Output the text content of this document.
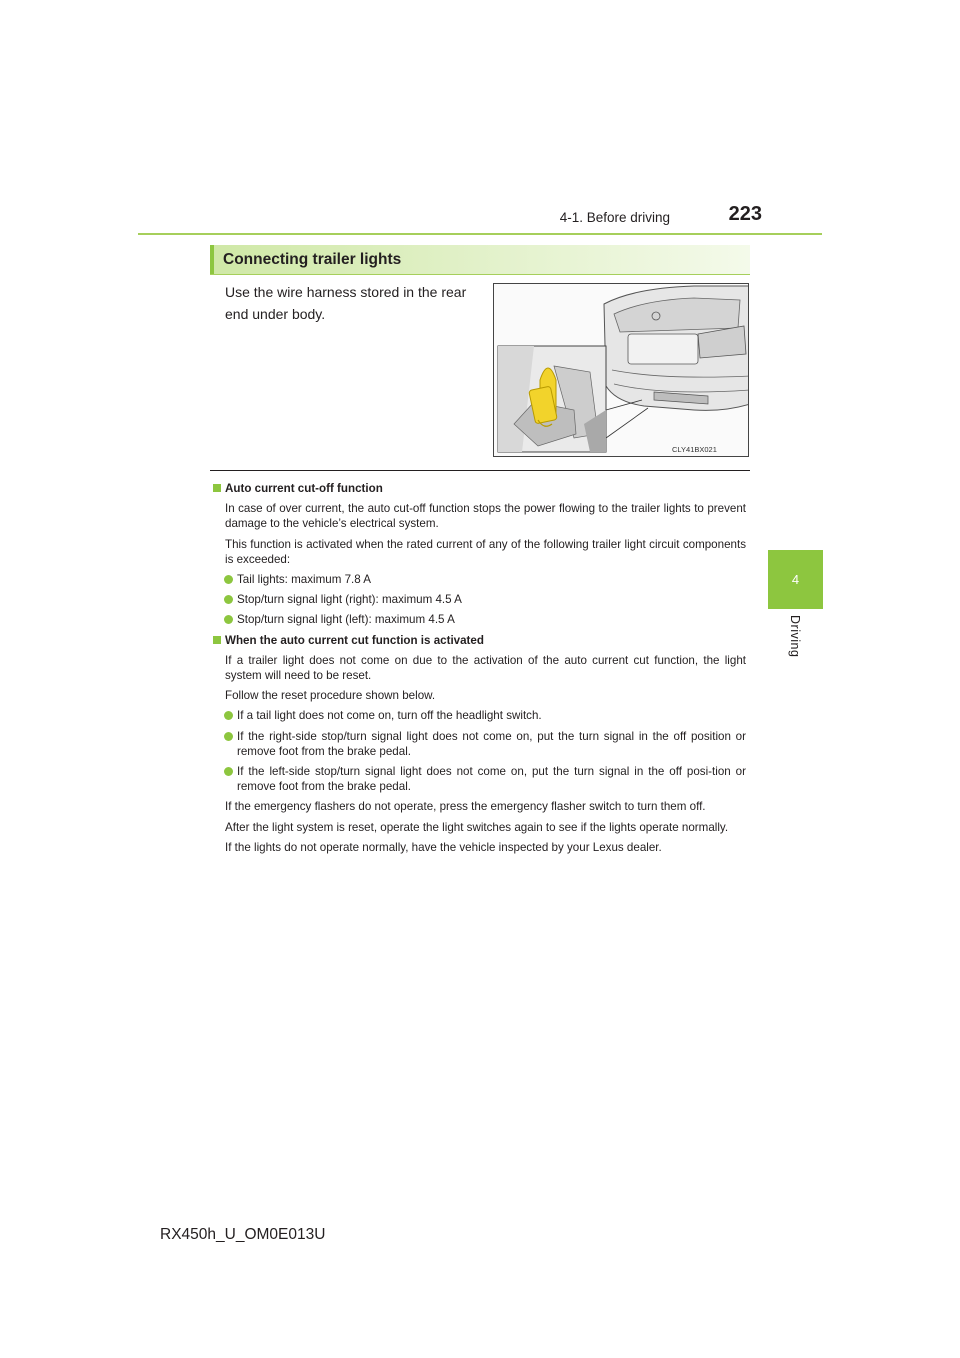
4-1. Before driving	223
4
Driving
Connecting trailer lights
Use the wire harness stored in the rear end under body.
CLY41BX021
Auto current cut-off function
In case of over current, the auto cut-off function stops the power flowing to the trailer lights to prevent damage to the vehicle’s electrical system.
This function is activated when the rated current of any of the following trailer light circuit components is exceeded:
Tail lights: maximum 7.8 A
Stop/turn signal light (right): maximum 4.5 A
Stop/turn signal light (left): maximum 4.5 A
When the auto current cut function is activated
If a trailer light does not come on due to the activation of the auto current cut function, the light system will need to be reset.
Follow the reset procedure shown below.
If a tail light does not come on, turn off the headlight switch.
If the right-side stop/turn signal light does not come on, put the turn signal in the off position or remove foot from the brake pedal.
If the left-side stop/turn signal light does not come on, put the turn signal in the off posi-tion or remove foot from the brake pedal.
If the emergency flashers do not operate, press the emergency flasher switch to turn them off.
After the light system is reset, operate the light switches again to see if the lights operate normally.
If the lights do not operate normally, have the vehicle inspected by your Lexus dealer.
RX450h_U_OM0E013U
